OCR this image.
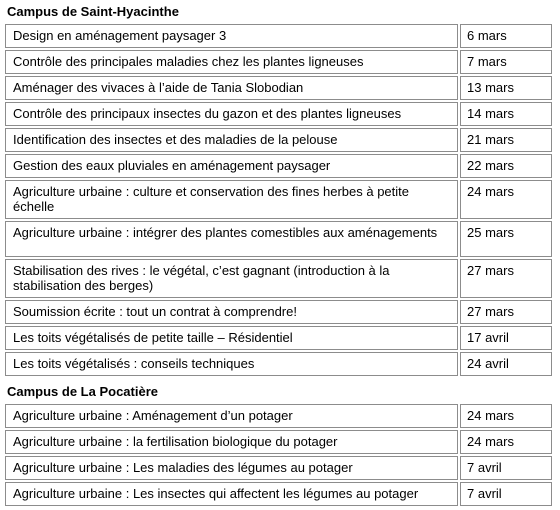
Campus de Saint-Hyacinthe
Design en aménagement paysager 3	6 mars
Contrôle des principales maladies chez les plantes ligneuses	7 mars
Aménager des vivaces à l’aide de Tania Slobodian	13 mars
Contrôle des principaux insectes du gazon et des plantes ligneuses	14 mars
Identification des insectes et des maladies de la pelouse	21 mars
Gestion des eaux pluviales en aménagement paysager	22 mars
Agriculture urbaine : culture et conservation des fines herbes à petite échelle	24 mars
Agriculture urbaine : intégrer des plantes comestibles aux aménagements	25 mars
Stabilisation des rives : le végétal, c’est gagnant (introduction à la stabilisation des berges)	27 mars
Soumission écrite : tout un contrat à comprendre!	27 mars
Les toits végétalisés de petite taille – Résidentiel	17 avril
Les toits végétalisés : conseils techniques	24 avril
Campus de La Pocatière
Agriculture urbaine : Aménagement d’un potager	24 mars
Agriculture urbaine : la fertilisation biologique du potager	24 mars
Agriculture urbaine : Les maladies des légumes au potager	7 avril
Agriculture urbaine : Les insectes qui affectent les légumes au potager	7 avril
